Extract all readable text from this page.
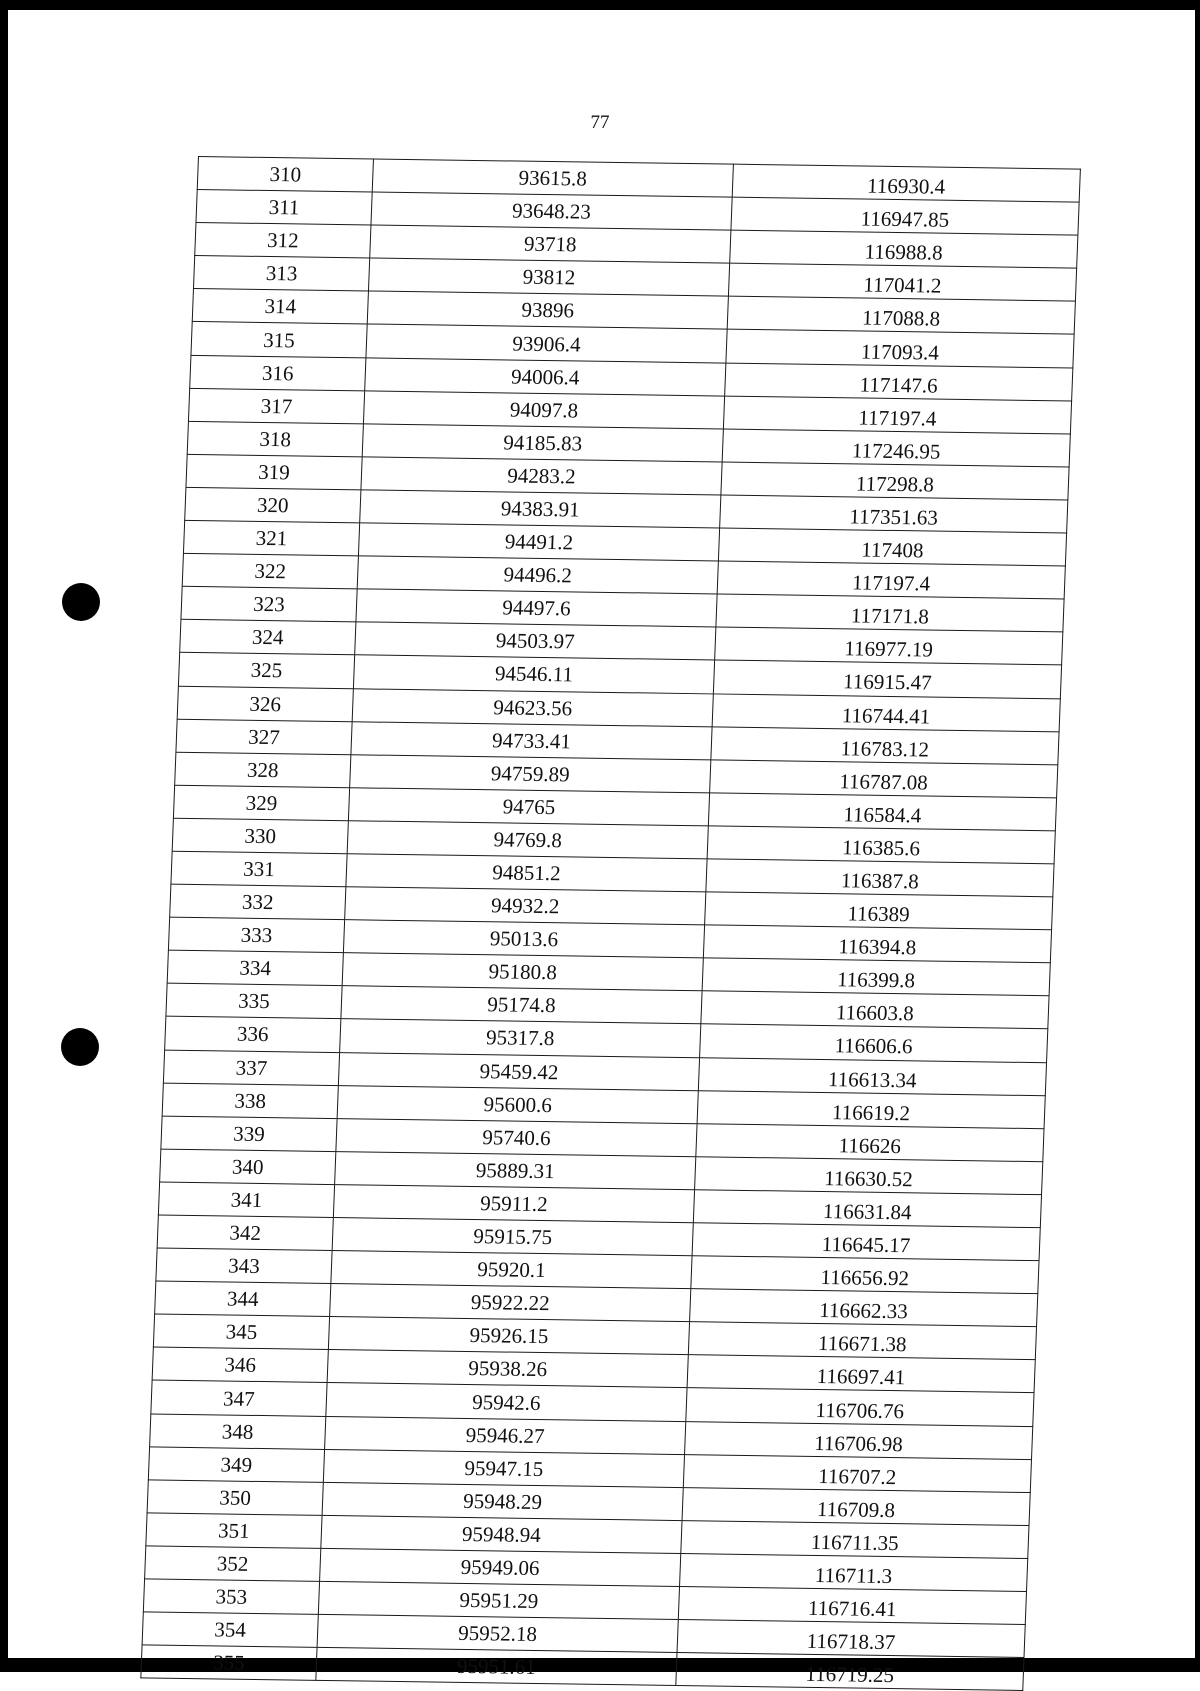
77
310	93615.8	116930.4
311	93648.23	116947.85
312	93718	116988.8
313	93812	117041.2
314	93896	117088.8
315	93906.4	117093.4
316	94006.4	117147.6
317	94097.8	117197.4
318	94185.83	117246.95
319	94283.2	117298.8
320	94383.91	117351.63
321	94491.2	117408
322	94496.2	117197.4
323	94497.6	117171.8
324	94503.97	116977.19
325	94546.11	116915.47
326	94623.56	116744.41
327	94733.41	116783.12
328	94759.89	116787.08
329	94765	116584.4
330	94769.8	116385.6
331	94851.2	116387.8
332	94932.2	116389
333	95013.6	116394.8
334	95180.8	116399.8
335	95174.8	116603.8
336	95317.8	116606.6
337	95459.42	116613.34
338	95600.6	116619.2
339	95740.6	116626
340	95889.31	116630.52
341	95911.2	116631.84
342	95915.75	116645.17
343	95920.1	116656.92
344	95922.22	116662.33
345	95926.15	116671.38
346	95938.26	116697.41
347	95942.6	116706.76
348	95946.27	116706.98
349	95947.15	116707.2
350	95948.29	116709.8
351	95948.94	116711.35
352	95949.06	116711.3
353	95951.29	116716.41
354	95952.18	116718.37
355	95951.61	116719.25
